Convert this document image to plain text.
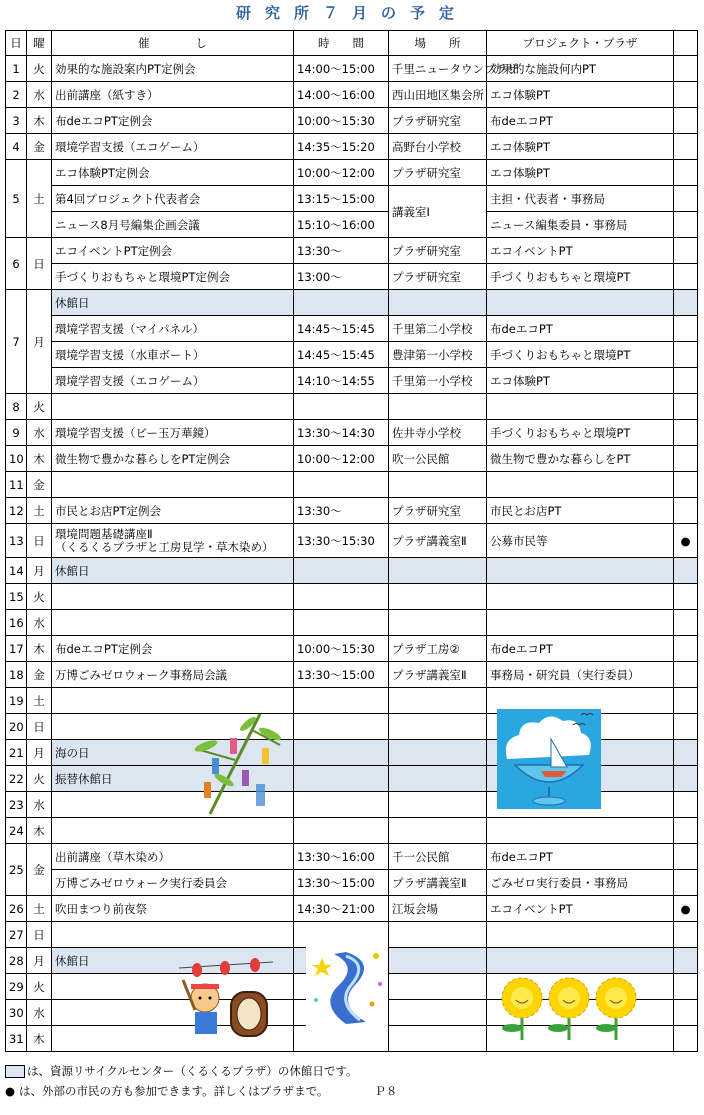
研究所７月の予定
日	曜	催　　　　し	時　　間	場　　所	プロジェクト・プラザ	
1	火	効果的な施設案内PT定例会	14:00～15:00	千里ニュータウンプラザ	効果的な施設何内PT	
2	水	出前講座（紙すき）	14:00～16:00	西山田地区集会所	エコ体験PT	
3	木	布deエコPT定例会	10:00～15:30	プラザ研究室	布deエコPT	
4	金	環境学習支援（エコゲーム）	14:35～15:20	高野台小学校	エコ体験PT	
5	土	エコ体験PT定例会	10:00～12:00	プラザ研究室	エコ体験PT	
		第4回プロジェクト代表者会	13:15～15:00	講義室Ⅰ	主担・代表者・事務局	
		ニュース8月号編集企画会議	15:10～16:00		ニュース編集委員・事務局	
6	日	エコイベントPT定例会	13:30～	プラザ研究室	エコイベントPT	
		手づくりおもちゃと環境PT定例会	13:00～	プラザ研究室	手づくりおもちゃと環境PT	
7	月	休館日				
		環境学習支援（マイパネル）	14:45～15:45	千里第二小学校	布deエコPT	
		環境学習支援（水車ボート）	14:45～15:45	豊津第一小学校	手づくりおもちゃと環境PT	
		環境学習支援（エコゲーム）	14:10～14:55	千里第一小学校	エコ体験PT	
8	火					
9	水	環境学習支援（ビー玉万華鏡）	13:30～14:30	佐井寺小学校	手づくりおもちゃと環境PT	
10	木	微生物で豊かな暮らしをPT定例会	10:00～12:00	吹一公民館	微生物で豊かな暮らしをPT	
11	金					
12	土	市民とお店PT定例会	13:30～	プラザ研究室	市民とお店PT	
13	日	環境問題基礎講座Ⅱ
（くるくるプラザと工房見学・草木染め）	13:30～15:30	プラザ講義室Ⅱ	公募市民等	●
14	月	休館日				
15	火					
16	水					
17	木	布deエコPT定例会	10:00～15:30	プラザ工房②	布deエコPT	
18	金	万博ごみゼロウォーク事務局会議	13:30～15:00	プラザ講義室Ⅱ	事務局・研究員（実行委員）	
19	土					
20	日					
21	月	海の日				
22	火	振替休館日				
23	水					
24	木					
25	金	出前講座（草木染め）	13:30～16:00	千一公民館	布deエコPT	
		万博ごみゼロウォーク実行委員会	13:30～15:00	プラザ講義室Ⅱ	ごみゼロ実行委員・事務局	
26	土	吹田まつり前夜祭	14:30～21:00	江坂会場	エコイベントPT	●
27	日					
28	月	休館日				
29	火					
30	水					
31	木					
は、資源リサイクルセンター（くるくるプラザ）の休館日です。
● は、外部の市民の方も参加できます。詳しくはプラザまで。	Ｐ８
